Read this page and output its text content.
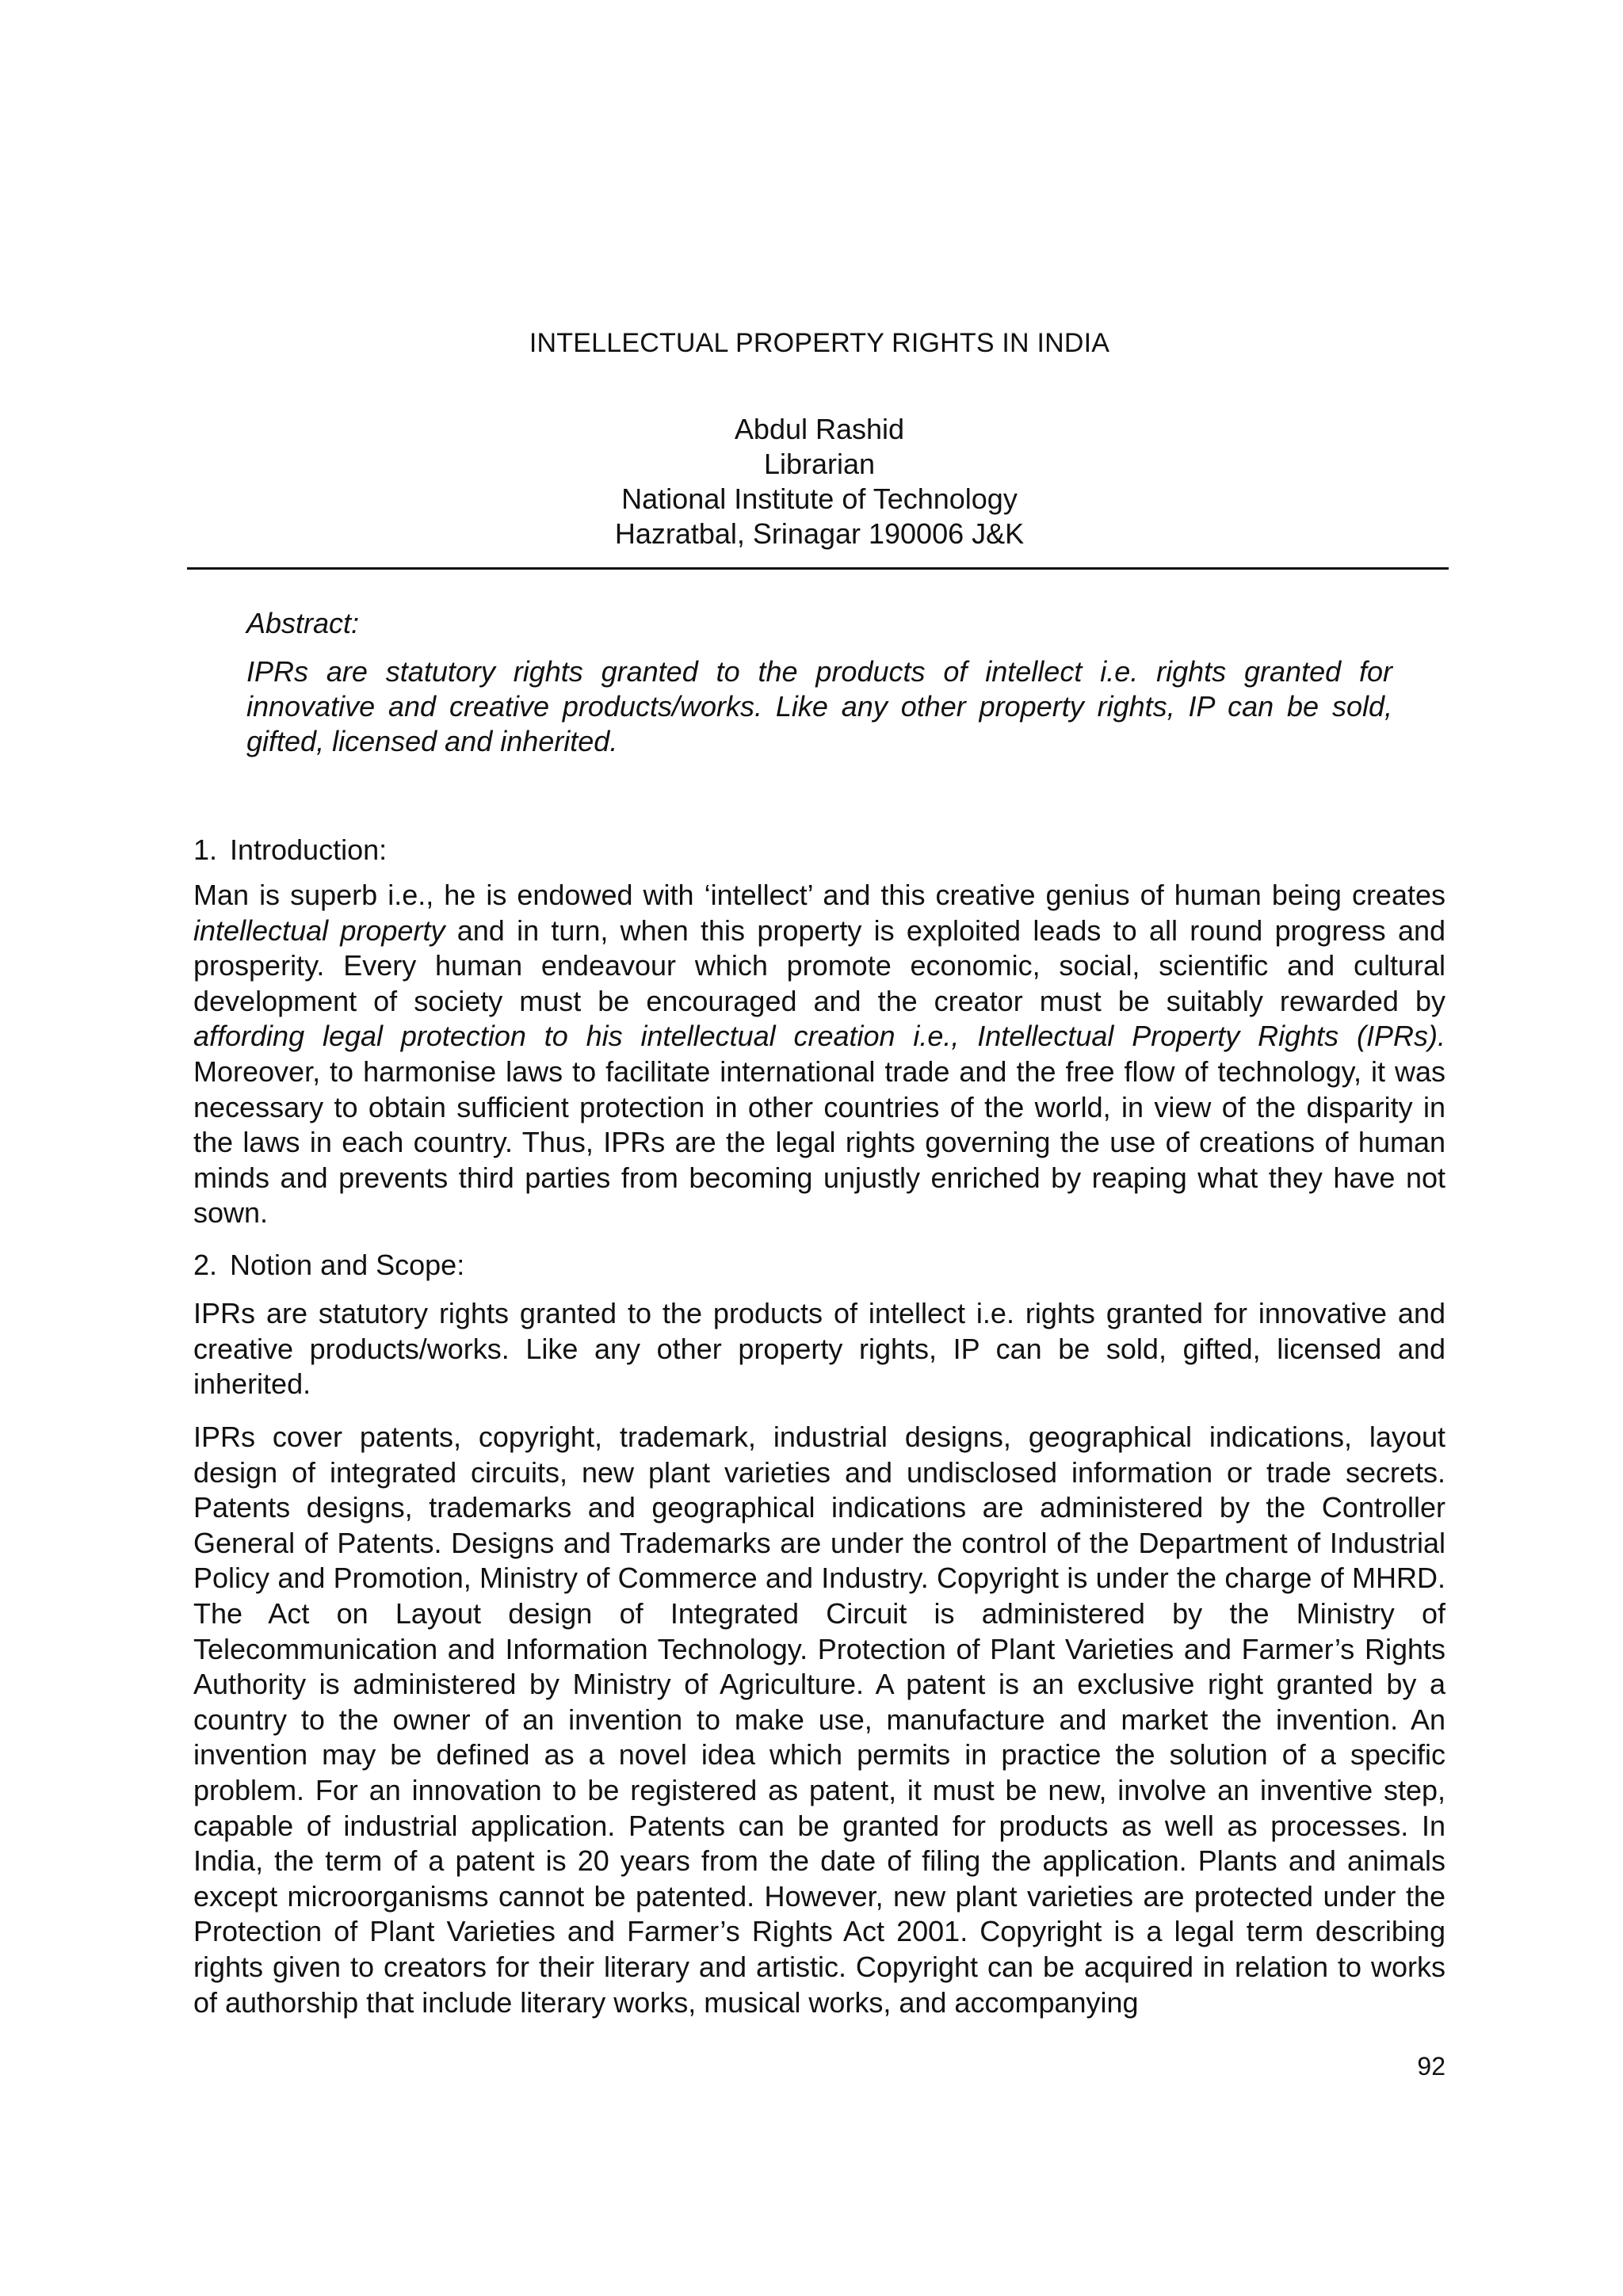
INTELLECTUAL PROPERTY RIGHTS IN INDIA
Abdul Rashid
Librarian
National Institute of Technology
Hazratbal, Srinagar 190006 J&K
Abstract:
IPRs are statutory rights granted to the products of intellect i.e. rights granted for innovative and creative products/works. Like any other property rights, IP can be sold, gifted, licensed and inherited.
1. Introduction:

Man is superb i.e., he is endowed with ‘intellect’ and this creative genius of human being creates intellectual property and in turn, when this property is exploited leads to all round progress and prosperity. Every human endeavour which promote economic, social, scientific and cultural development of society must be encouraged and the creator must be suitably rewarded by affording legal protection to his intellectual creation i.e., Intellectual Property Rights (IPRs). Moreover, to harmonise laws to facilitate international trade and the free flow of technology, it was necessary to obtain sufficient protection in other countries of the world, in view of the disparity in the laws in each country. Thus, IPRs are the legal rights governing the use of creations of human minds and prevents third parties from becoming unjustly enriched by reaping what they have not sown.

2. Notion and Scope:

IPRs are statutory rights granted to the products of intellect i.e. rights granted for innovative and creative products/works. Like any other property rights, IP can be sold, gifted, licensed and inherited.

IPRs cover patents, copyright, trademark, industrial designs, geographical indications, layout design of integrated circuits, new plant varieties and undisclosed information or trade secrets. Patents designs, trademarks and geographical indications are administered by the Controller General of Patents. Designs and Trademarks are under the control of the Department of Industrial Policy and Promotion, Ministry of Commerce and Industry. Copyright is under the charge of MHRD. The Act on Layout design of Integrated Circuit is administered by the Ministry of Telecommunication and Information Technology. Protection of Plant Varieties and Farmer’s Rights Authority is administered by Ministry of Agriculture. A patent is an exclusive right granted by a country to the owner of an invention to make use, manufacture and market the invention. An invention may be defined as a novel idea which permits in practice the solution of a specific problem. For an innovation to be registered as patent, it must be new, involve an inventive step, capable of industrial application. Patents can be granted for products as well as processes. In India, the term of a patent is 20 years from the date of filing the application. Plants and animals except microorganisms cannot be patented. However, new plant varieties are protected under the Protection of Plant Varieties and Farmer’s Rights Act 2001. Copyright is a legal term describing rights given to creators for their literary and artistic. Copyright can be acquired in relation to works of authorship that include literary works, musical works, and accompanying

92
